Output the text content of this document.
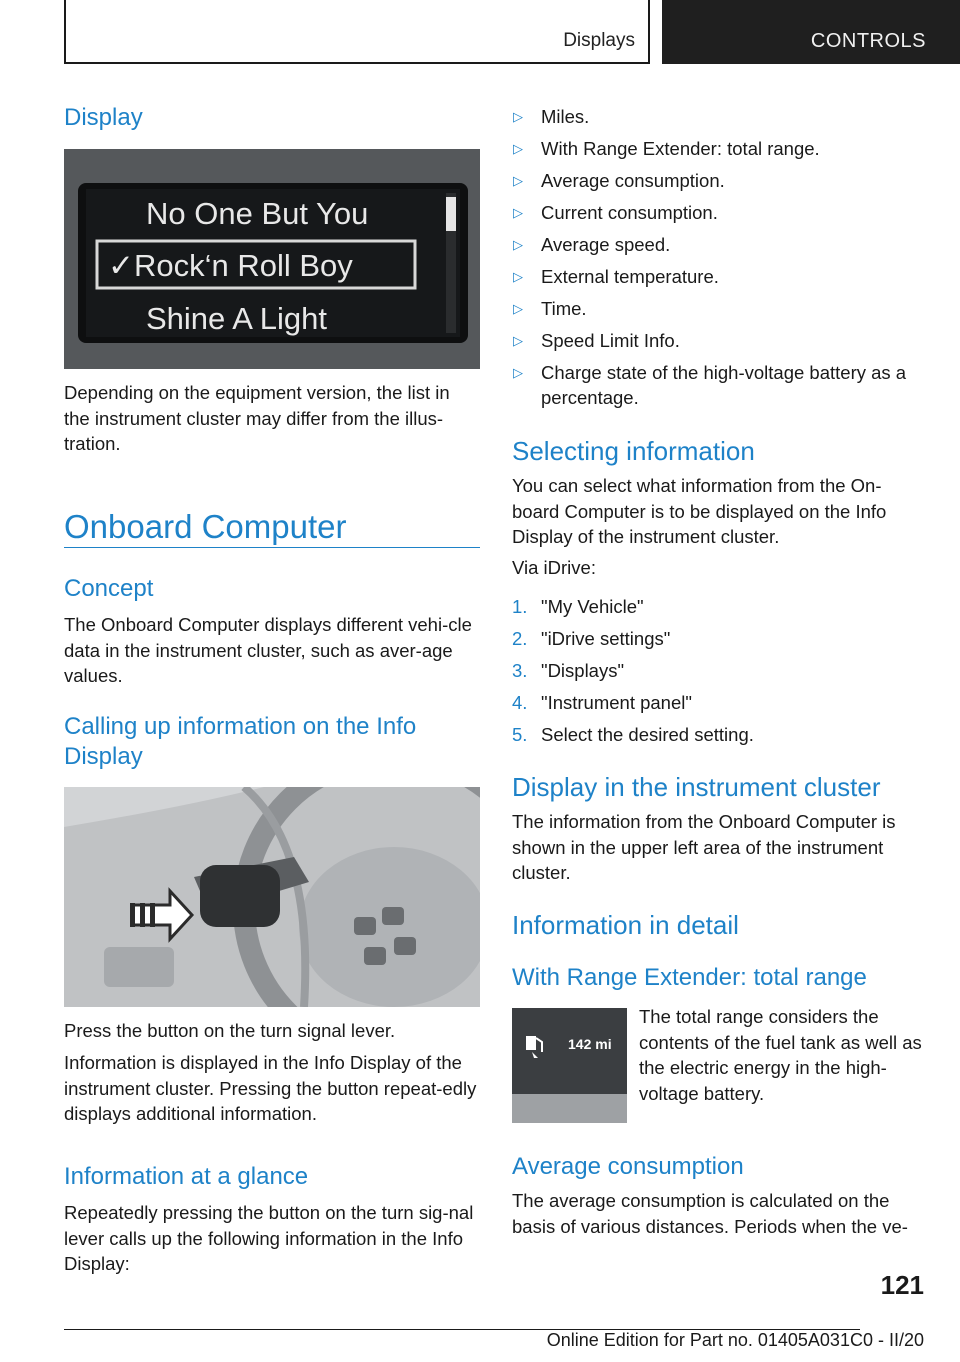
Displays	CONTROLS
Display
No One But You
✓Rock‘n Roll Boy
Shine A Light

Depending on the equipment version, the list in the instrument cluster may differ from the illus-tration.

Onboard Computer
Concept

The Onboard Computer displays different vehi-cle data in the instrument cluster, such as aver-age values.

Calling up information on the Info Display

Press the button on the turn signal lever.

Information is displayed in the Info Display of the instrument cluster. Pressing the button repeat-edly displays additional information.

Information at a glance

Repeatedly pressing the button on the turn sig-nal lever calls up the following information in the Info Display:

▷ Miles.
▷ With Range Extender: total range.
▷ Average consumption.
▷ Current consumption.
▷ Average speed.
▷ External temperature.
▷ Time.
▷ Speed Limit Info.
▷ Charge state of the high-voltage battery as a percentage.
Selecting information

You can select what information from the On-board Computer is to be displayed on the Info Display of the instrument cluster.

Via iDrive:

1. "My Vehicle"
2. "iDrive settings"
3. "Displays"
4. "Instrument panel"
5. Select the desired setting.
Display in the instrument cluster

The information from the Onboard Computer is shown in the upper left area of the instrument cluster.

Information in detail
With Range Extender: total range
142 mi

The total range considers the contents of the fuel tank as well as the electric energy in the high-voltage battery.

Average consumption

The average consumption is calculated on the basis of various distances. Periods when the ve-

121
Online Edition for Part no. 01405A031C0 - II/20
